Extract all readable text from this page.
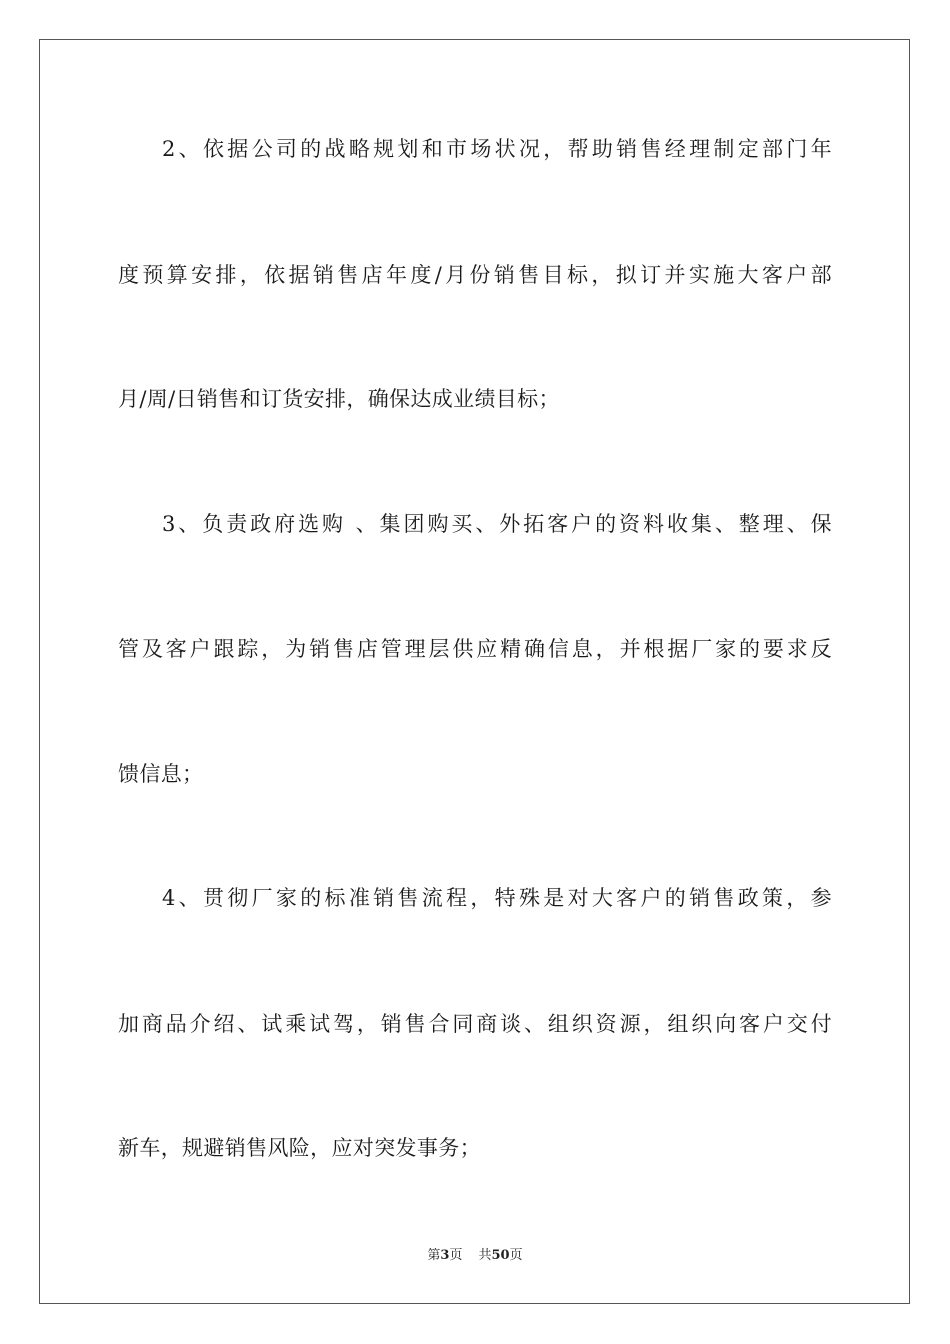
2、依据公司的战略规划和市场状况，帮助销售经理制定部门年
度预算安排，依据销售店年度/月份销售目标，拟订并实施大客户部
月/周/日销售和订货安排，确保达成业绩目标；
3、负责政府选购 、集团购买、外拓客户的资料收集、整理、保
管及客户跟踪，为销售店管理层供应精确信息，并根据厂家的要求反
馈信息；
4、贯彻厂家的标准销售流程，特殊是对大客户的销售政策，参
加商品介绍、试乘试驾，销售合同商谈、组织资源，组织向客户交付
新车，规避销售风险，应对突发事务；
第3页 共50页
